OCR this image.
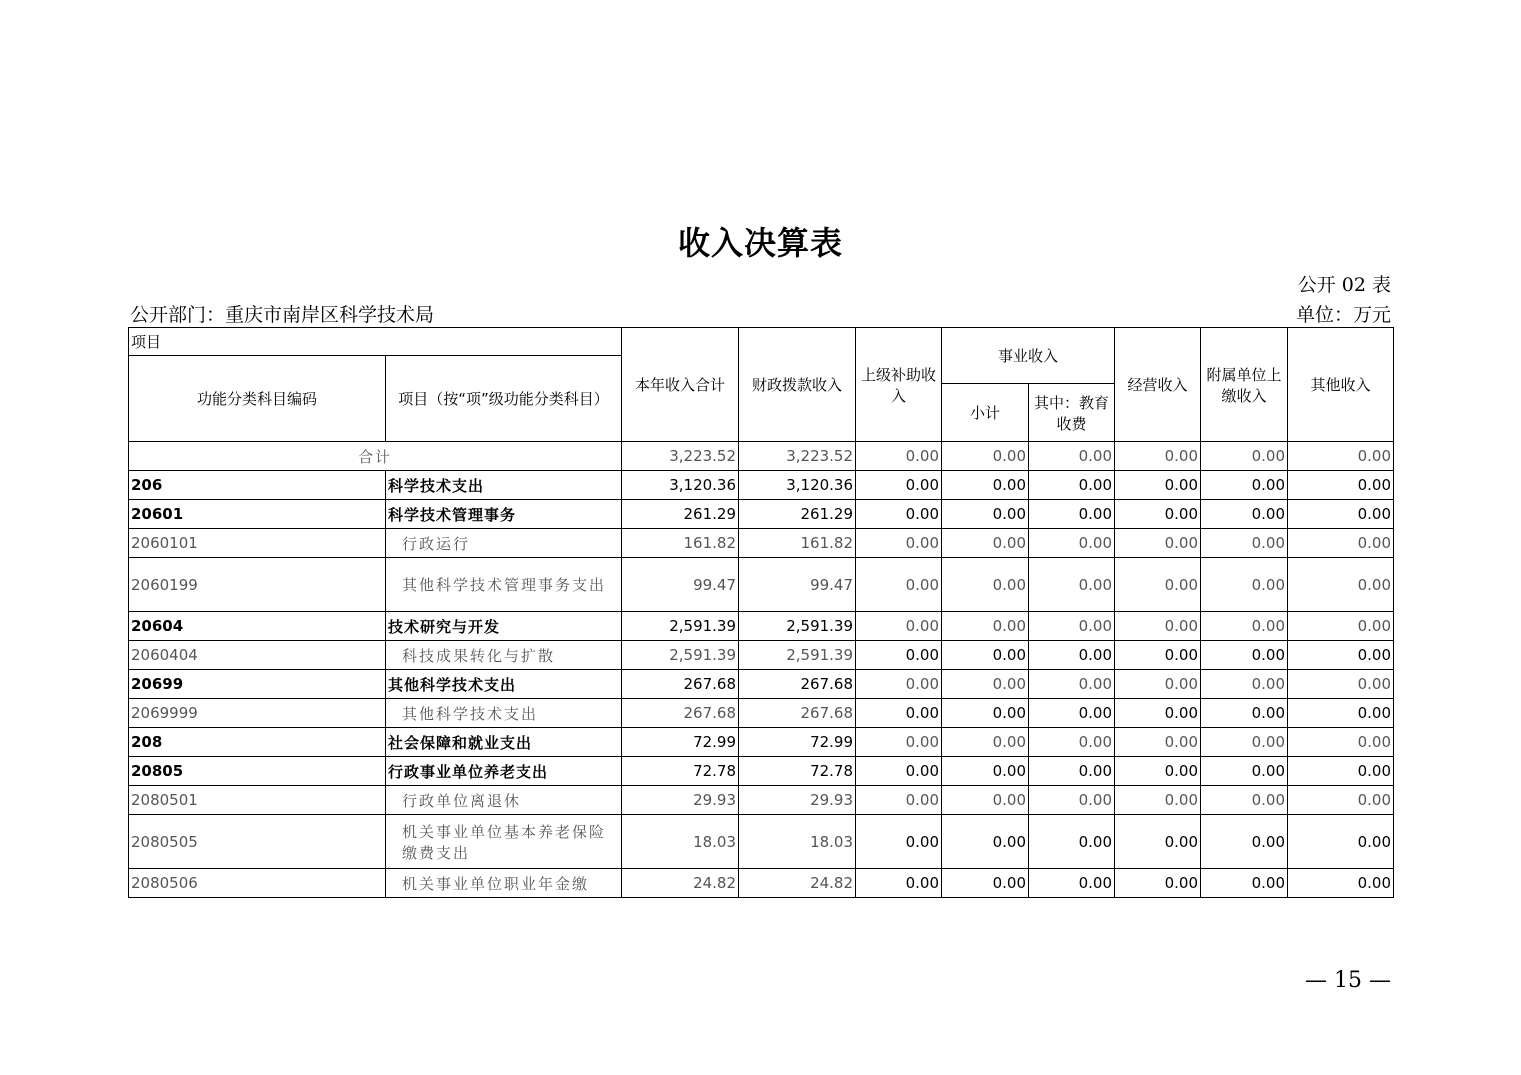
收入决算表
公开 02 表
公开部门：重庆市南岸区科学技术局	单位：万元
项目		本年收入合计	财政拨款收入	上级补助收入	事业收入		经营收入	附属单位上缴收入	其他收入
功能分类科目编码	项目（按“项”级功能分类科目）								
					小计	其中：教育收费			
合计		3,223.52	3,223.52	0.00	0.00	0.00	0.00	0.00	0.00
206	科学技术支出	3,120.36	3,120.36	0.00	0.00	0.00	0.00	0.00	0.00
20601	科学技术管理事务	261.29	261.29	0.00	0.00	0.00	0.00	0.00	0.00
2060101	行政运行	161.82	161.82	0.00	0.00	0.00	0.00	0.00	0.00
2060199	其他科学技术管理事务支出	99.47	99.47	0.00	0.00	0.00	0.00	0.00	0.00
20604	技术研究与开发	2,591.39	2,591.39	0.00	0.00	0.00	0.00	0.00	0.00
2060404	科技成果转化与扩散	2,591.39	2,591.39	0.00	0.00	0.00	0.00	0.00	0.00
20699	其他科学技术支出	267.68	267.68	0.00	0.00	0.00	0.00	0.00	0.00
2069999	其他科学技术支出	267.68	267.68	0.00	0.00	0.00	0.00	0.00	0.00
208	社会保障和就业支出	72.99	72.99	0.00	0.00	0.00	0.00	0.00	0.00
20805	行政事业单位养老支出	72.78	72.78	0.00	0.00	0.00	0.00	0.00	0.00
2080501	行政单位离退休	29.93	29.93	0.00	0.00	0.00	0.00	0.00	0.00
2080505	机关事业单位基本养老保险缴费支出	18.03	18.03	0.00	0.00	0.00	0.00	0.00	0.00
2080506	机关事业单位职业年金缴	24.82	24.82	0.00	0.00	0.00	0.00	0.00	0.00
— 15 —
